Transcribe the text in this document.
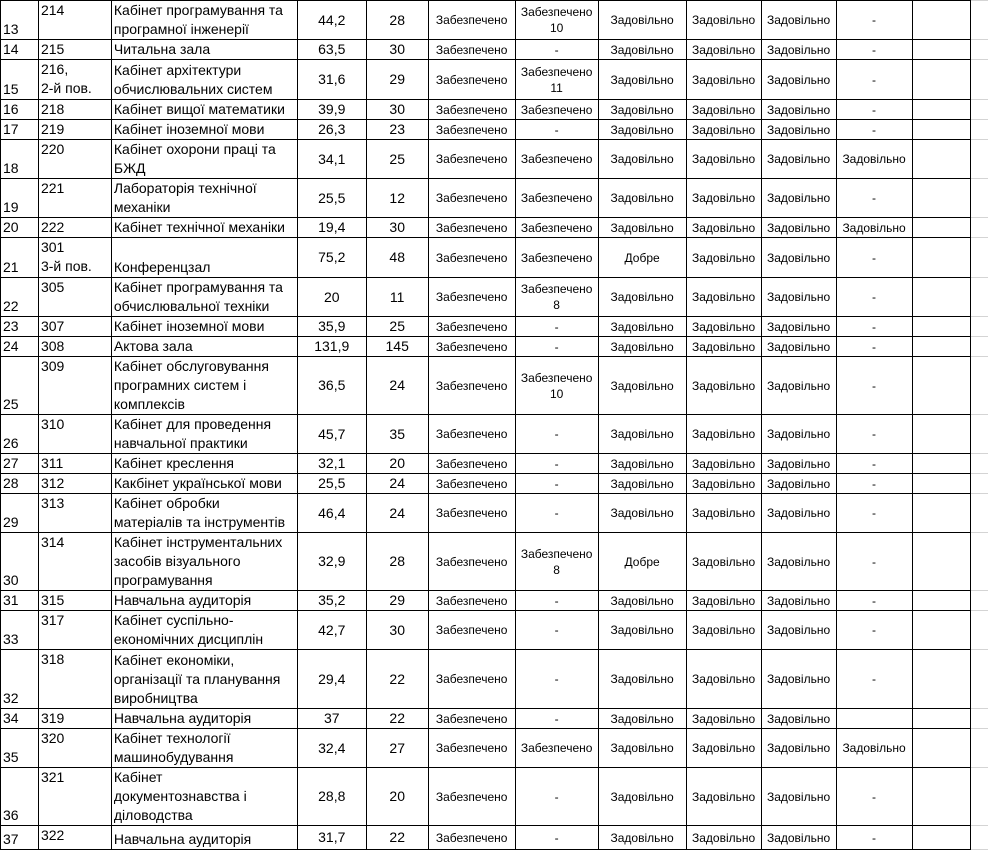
13	214	Кабінет програмування та
програмної інженерії	44,2	28	Забезпечено	Забезпечено
10	Задовільно	Задовільно	Задовільно	-		
14	215	Читальна зала	63,5	30	Забезпечено	-	Задовільно	Задовільно	Задовільно	-		
15	216,
2-й пов.	Кабінет архітектури
обчислювальних систем	31,6	29	Забезпечено	Забезпечено
11	Задовільно	Задовільно	Задовільно	-		
16	218	Кабінет вищої математики	39,9	30	Забезпечено	Забезпечено	Задовільно	Задовільно	Задовільно	-		
17	219	Кабінет іноземної мови	26,3	23	Забезпечено	-	Задовільно	Задовільно	Задовільно	-		
18	220	Кабінет охорони праці та
БЖД	34,1	25	Забезпечено	Забезпечено	Задовільно	Задовільно	Задовільно	Задовільно		
19	221	Лабораторія технічної
механіки	25,5	12	Забезпечено	Забезпечено	Задовільно	Задовільно	Задовільно	-		
20	222	Кабінет технічної механіки	19,4	30	Забезпечено	Забезпечено	Задовільно	Задовільно	Задовільно	Задовільно		
21	301
3-й пов.	Конференцзал	75,2	48	Забезпечено	Забезпечено	Добре	Задовільно	Задовільно	-		
22	305	Кабінет програмування та
обчислювальної техніки	20	11	Забезпечено	Забезпечено
8	Задовільно	Задовільно	Задовільно	-		
23	307	Кабінет іноземної мови	35,9	25	Забезпечено	-	Задовільно	Задовільно	Задовільно	-		
24	308	Актова зала	131,9	145	Забезпечено	-	Задовільно	Задовільно	Задовільно	-		
25	309	Кабінет обслуговування
програмних систем і
комплексів	36,5	24	Забезпечено	Забезпечено
10	Задовільно	Задовільно	Задовільно	-		
26	310	Кабінет для проведення
навчальної практики	45,7	35	Забезпечено	-	Задовільно	Задовільно	Задовільно	-		
27	311	Кабінет креслення	32,1	20	Забезпечено	-	Задовільно	Задовільно	Задовільно	-		
28	312	Какбінет української мови	25,5	24	Забезпечено	-	Задовільно	Задовільно	Задовільно	-		
29	313	Кабінет обробки
матеріалів та інструментів	46,4	24	Забезпечено	-	Задовільно	Задовільно	Задовільно	-		
30	314	Кабінет інструментальних
засобів візуального
програмування	32,9	28	Забезпечено	Забезпечено
8	Добре	Задовільно	Задовільно	-		
31	315	Навчальна аудиторія	35,2	29	Забезпечено	-	Задовільно	Задовільно	Задовільно	-		
33	317	Кабінет суспільно-
економічних дисциплін	42,7	30	Забезпечено	-	Задовільно	Задовільно	Задовільно	-		
32	318	Кабінет економіки,
організації та планування
виробництва	29,4	22	Забезпечено	-	Задовільно	Задовільно	Задовільно	-		
34	319	Навчальна аудиторія	37	22	Забезпечено	-	Задовільно	Задовільно	Задовільно			
35	320	Кабінет технології
машинобудування	32,4	27	Забезпечено	Забезпечено	Задовільно	Задовільно	Задовільно	Задовільно		
36	321	Кабінет
документознавства і
діловодства	28,8	20	Забезпечено	-	Задовільно	Задовільно	Задовільно	-		
37	322	Навчальна аудиторія	31,7	22	Забезпечено	-	Задовільно	Задовільно	Задовільно	-		
